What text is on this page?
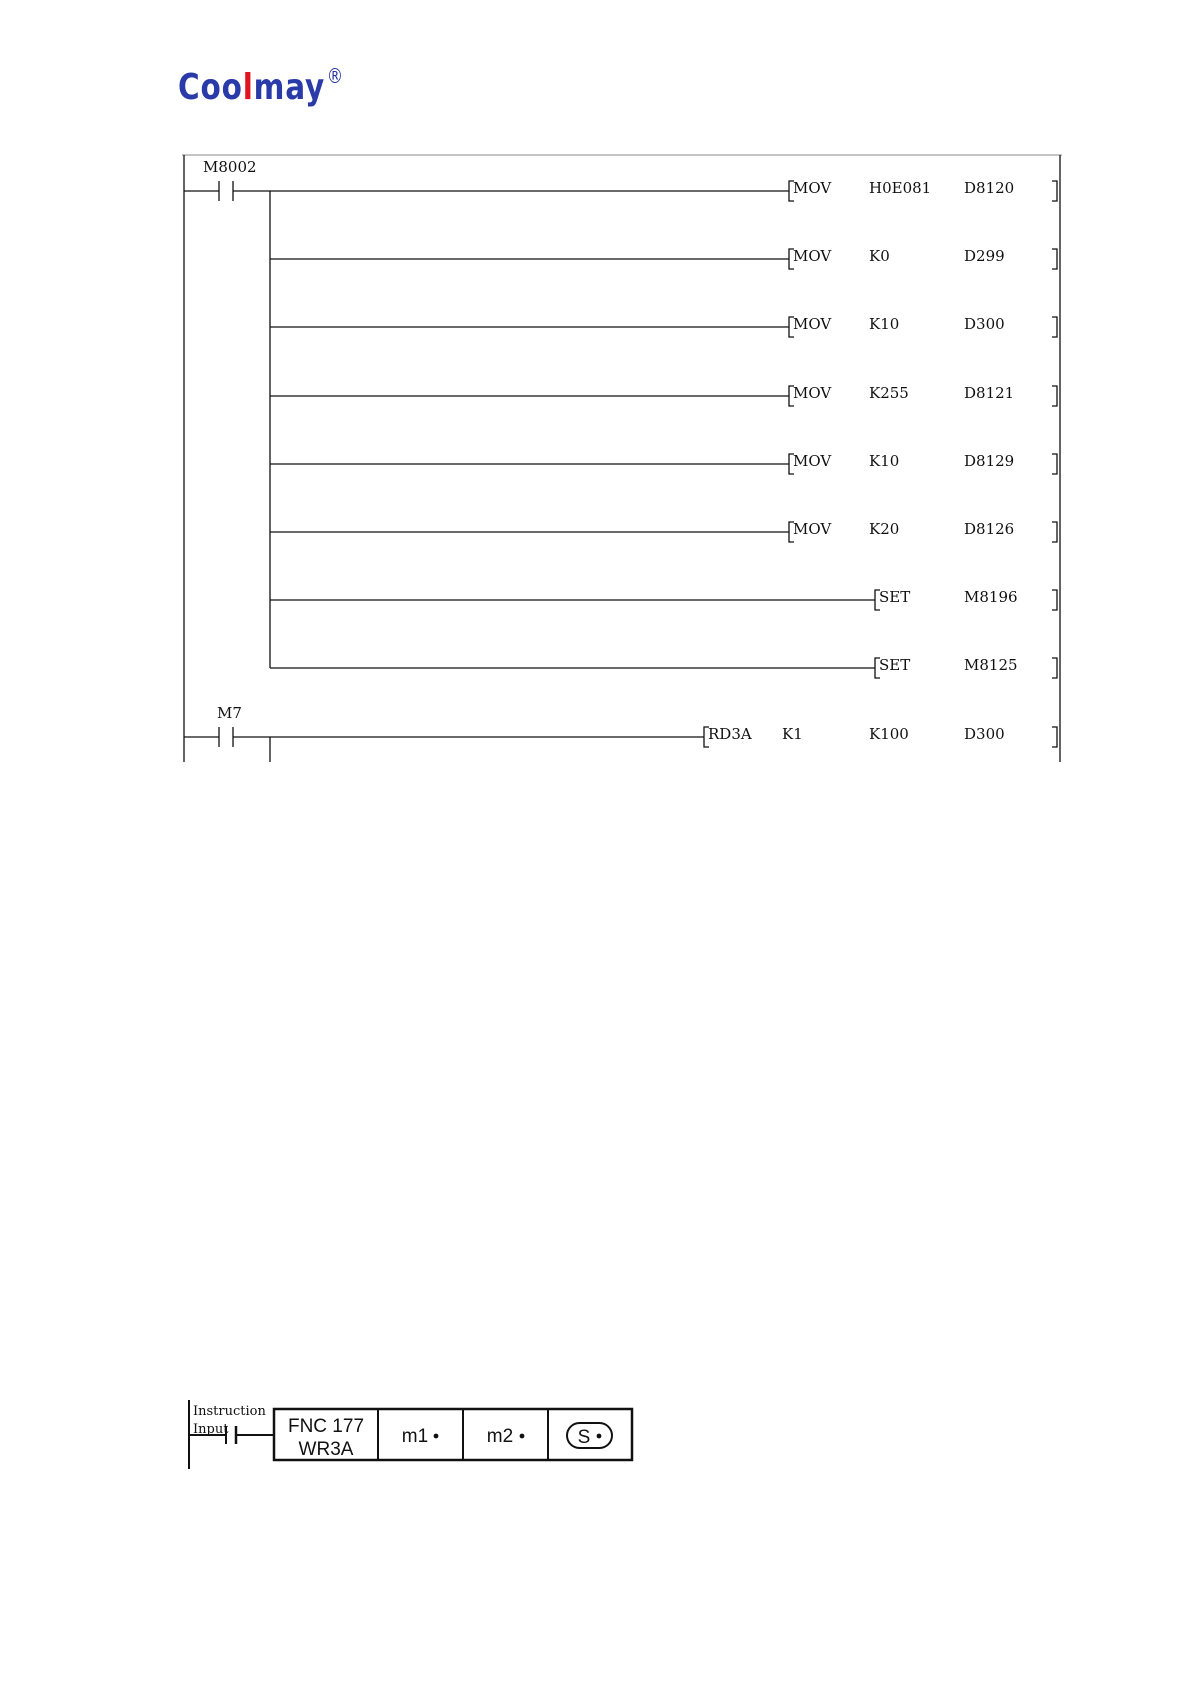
Coolmay®
M8002
M7
MOV	H0E081 D8120
MOV	K0	D299
MOV	K10	D300
MOV	K255	D8121
MOV	K10	D8129
MOV	K20	D8126
SET	M8196
SET	M8125
RD3A K1	K100	D300
Instruction
Input	FNC 177
WR3A
m1	m2	S
